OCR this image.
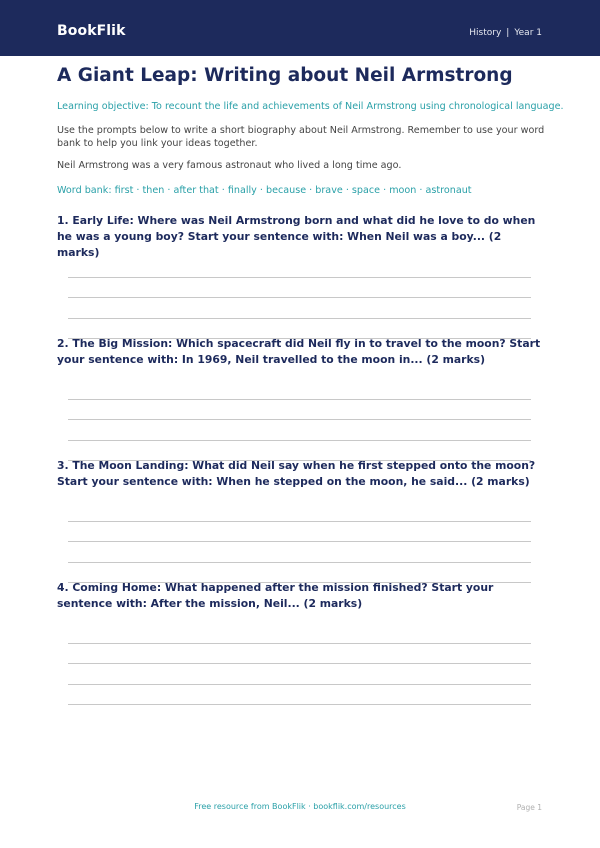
BookFlik	History | Year 1
A Giant Leap: Writing about Neil Armstrong

Learning objective: To recount the life and achievements of Neil Armstrong using chronological language.

Use the prompts below to write a short biography about Neil Armstrong. Remember to use your word bank to help you link your ideas together.

Neil Armstrong was a very famous astronaut who lived a long time ago.

Word bank: first · then · after that · finally · because · brave · space · moon · astronaut

1. Early Life: Where was Neil Armstrong born and what did he love to do when he was a young boy? Start your sentence with: When Neil was a boy... (2 marks)

2. The Big Mission: Which spacecraft did Neil fly in to travel to the moon? Start your sentence with: In 1969, Neil travelled to the moon in... (2 marks)

3. The Moon Landing: What did Neil say when he first stepped onto the moon? Start your sentence with: When he stepped on the moon, he said... (2 marks)

4. Coming Home: What happened after the mission finished? Start your sentence with: After the mission, Neil... (2 marks)

Free resource from BookFlik · bookflik.com/resources	Page 1
